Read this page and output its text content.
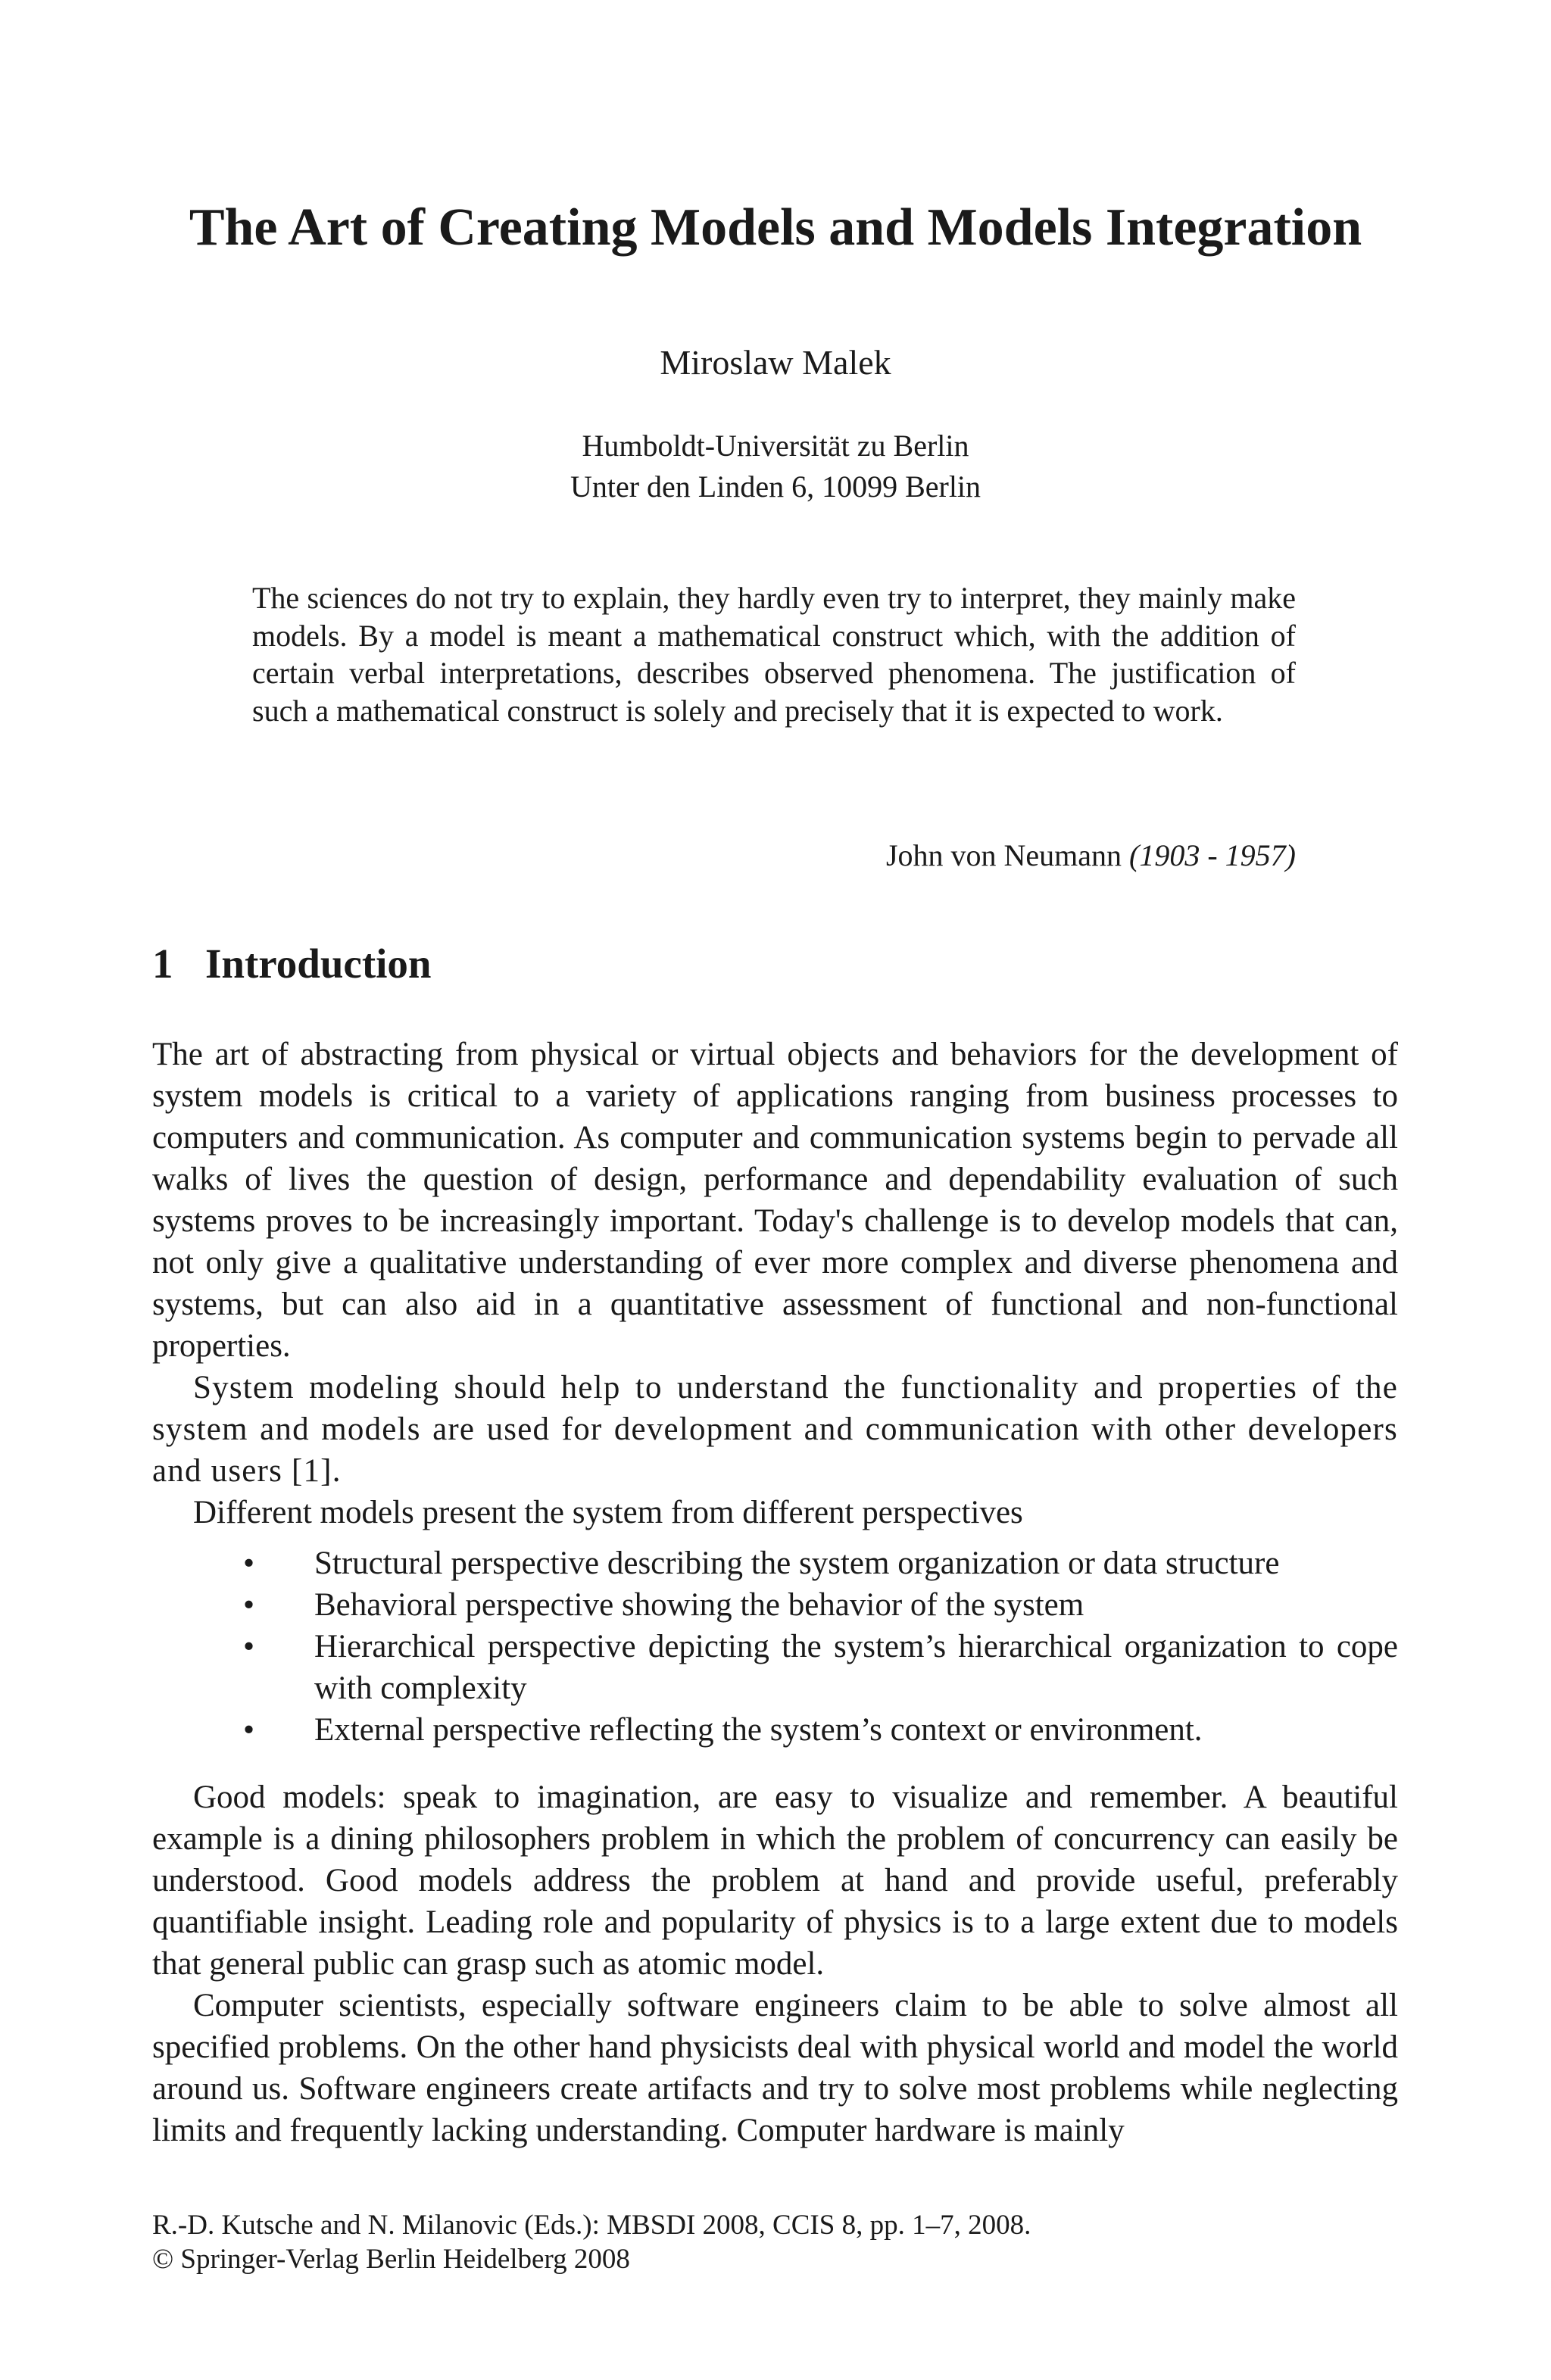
The Art of Creating Models and Models Integration
Miroslaw Malek
Humboldt-Universität zu Berlin
Unter den Linden 6, 10099 Berlin

The sciences do not try to explain, they hardly even try to interpret, they mainly make models. By a model is meant a mathematical construct which, with the addition of certain verbal interpretations, describes observed phenomena. The justification of such a mathematical construct is solely and precisely that it is expected to work.

John von Neumann (1903 - 1957)
1 Introduction

The art of abstracting from physical or virtual objects and behaviors for the development of system models is critical to a variety of applications ranging from business processes to computers and communication. As computer and communication systems begin to pervade all walks of lives the question of design, performance and dependability evaluation of such systems proves to be increasingly important. Today's challenge is to develop models that can, not only give a qualitative understanding of ever more complex and diverse phenomena and systems, but can also aid in a quantitative assessment of functional and non-functional properties.

System modeling should help to understand the functionality and properties of the system and models are used for development and communication with other developers and users [1].

Different models present the system from different perspectives

• Structural perspective describing the system organization or data structure
• Behavioral perspective showing the behavior of the system
• Hierarchical perspective depicting the system’s hierarchical organization to cope with complexity
• External perspective reflecting the system’s context or environment.

Good models: speak to imagination, are easy to visualize and remember. A beautiful example is a dining philosophers problem in which the problem of concurrency can easily be understood. Good models address the problem at hand and provide useful, preferably quantifiable insight. Leading role and popularity of physics is to a large extent due to models that general public can grasp such as atomic model.

Computer scientists, especially software engineers claim to be able to solve almost all specified problems. On the other hand physicists deal with physical world and model the world around us. Software engineers create artifacts and try to solve most problems while neglecting limits and frequently lacking understanding. Computer hardware is mainly

R.-D. Kutsche and N. Milanovic (Eds.): MBSDI 2008, CCIS 8, pp. 1–7, 2008.
© Springer-Verlag Berlin Heidelberg 2008
